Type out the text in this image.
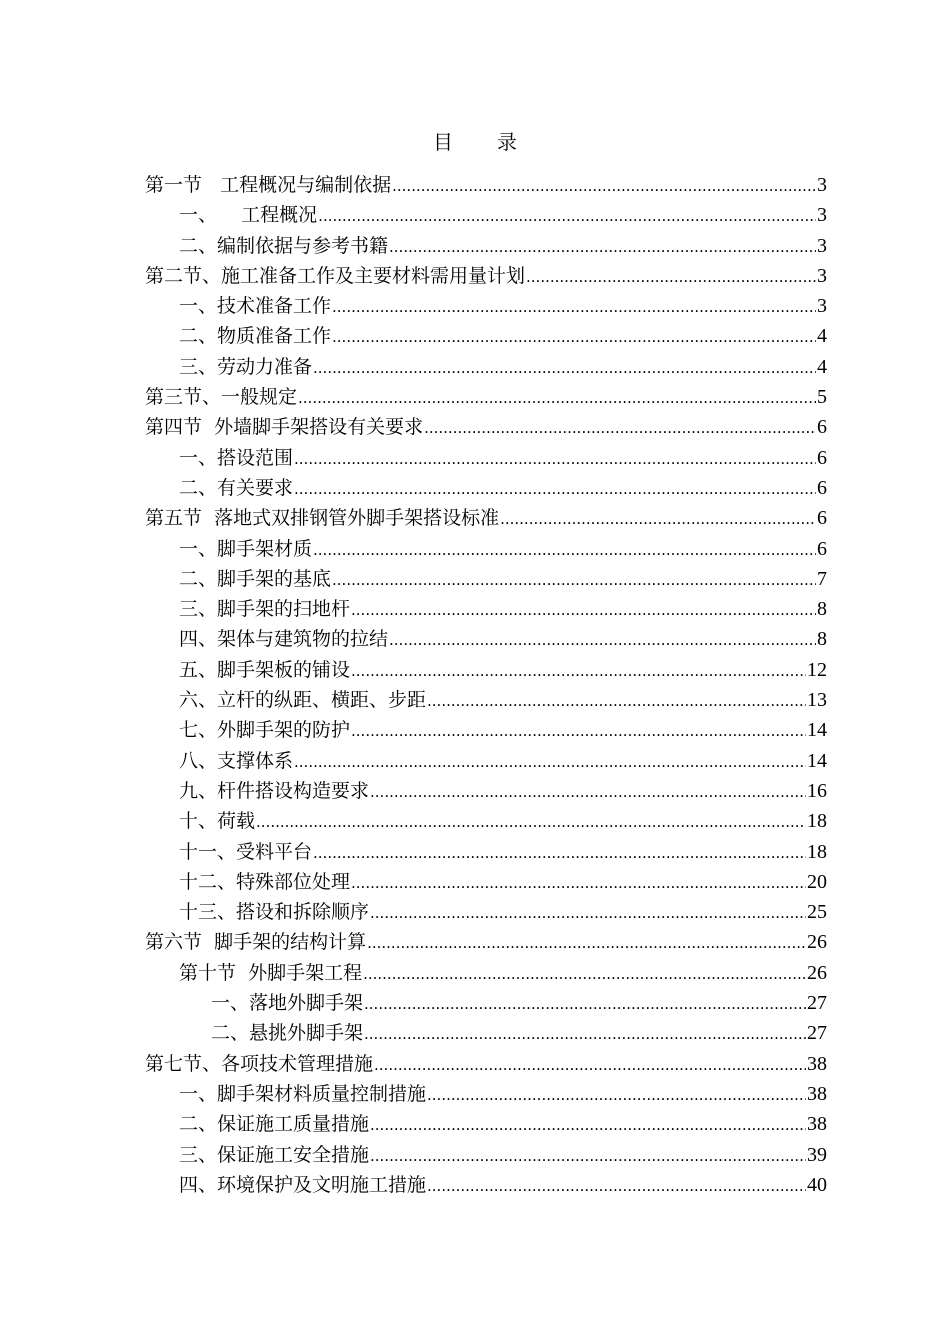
目 录
第一节   工程概况与编制依据 .....	3
一、    工程概况 .....	3
二、编制依据与参考书籍 .....	3
第二节、施工准备工作及主要材料需用量计划 .....	3
一、技术准备工作 .....	3
二、物质准备工作 .....	4
三、劳动力准备 .....	4
第三节、一般规定 .....	5
第四节  外墙脚手架搭设有关要求 .....	6
一、搭设范围 .....	6
二、有关要求 .....	6
第五节  落地式双排钢管外脚手架搭设标准 .....	6
一、脚手架材质 .....	6
二、脚手架的基底 .....	7
三、脚手架的扫地杆 .....	8
四、架体与建筑物的拉结 .....	8
五、脚手架板的铺设 .....	12
六、立杆的纵距、横距、步距 .....	13
七、外脚手架的防护 .....	14
八、支撑体系 .....	14
九、杆件搭设构造要求 .....	16
十、荷载 .....	18
十一、受料平台 .....	18
十二、特殊部位处理 .....	20
十三、搭设和拆除顺序 .....	25
第六节  脚手架的结构计算 .....	26
第十节  外脚手架工程 .....	26
一、落地外脚手架 .....	27
二、悬挑外脚手架 .....	27
第七节、各项技术管理措施 .....	38
一、脚手架材料质量控制措施 .....	38
二、保证施工质量措施 .....	38
三、保证施工安全措施 .....	39
四、环境保护及文明施工措施 .....	40
